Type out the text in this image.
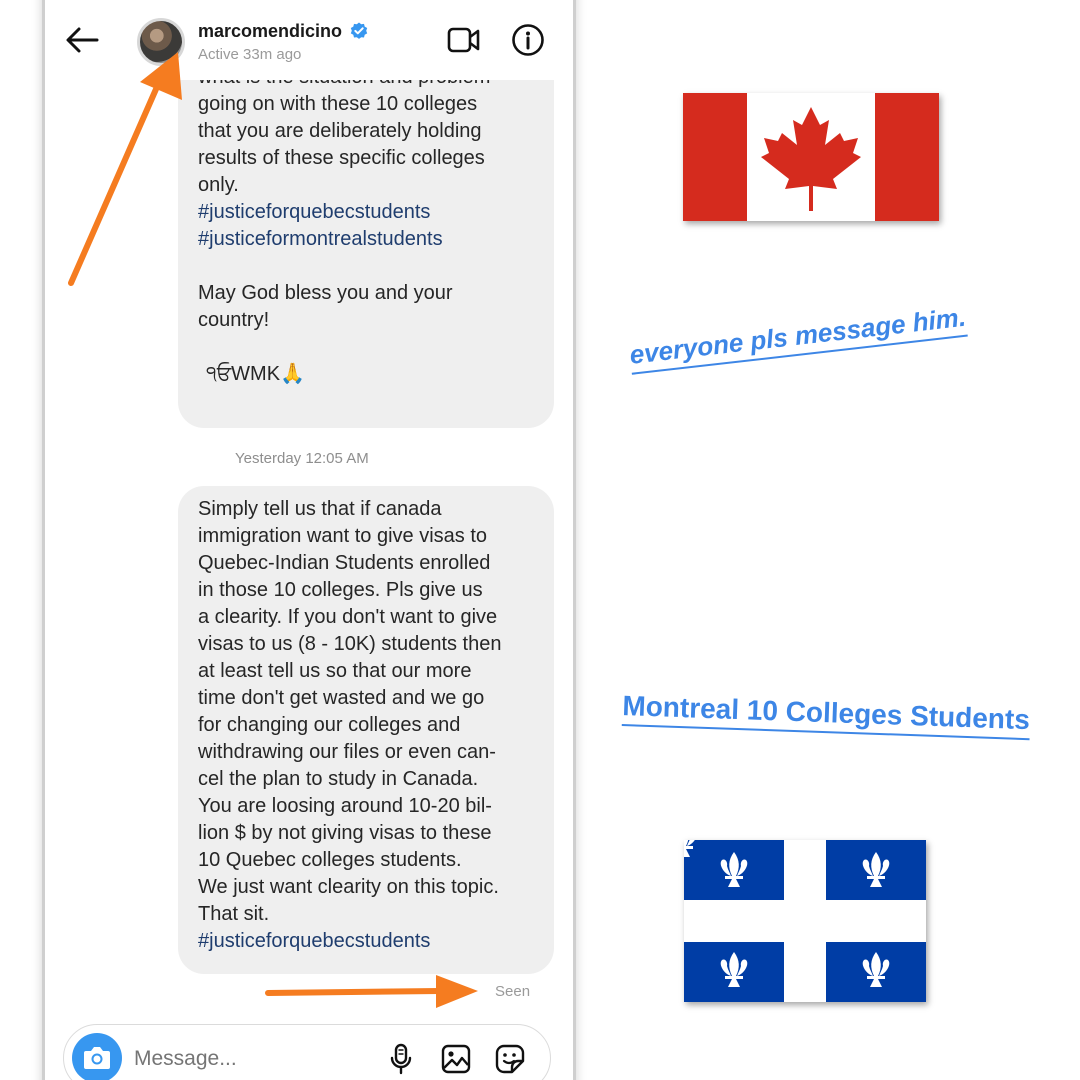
going on with these 10 colleges
that you are deliberately holding
results of these specific colleges
only.
#justiceforquebecstudents
#justiceformontrealstudents
May God bless you and your
country!
੧ਓWMK🙏
marcomendicino
Active 33m ago
Yesterday 12:05 AM
Simply tell us that if canada
immigration want to give visas to
Quebec-Indian Students enrolled
in those 10 colleges. Pls give us
a clearity. If you don't want to give
visas to us (8 - 10K) students then
at least tell us so that our more
time don't get wasted and we go
for changing our colleges and
withdrawing our files or even can-
cel the plan to study in Canada.
You are loosing around 10-20 bil-
lion $ by not giving visas to these
10 Quebec colleges students.
We just want clearity on this topic.
That sit.
#justiceforquebecstudents
Seen
Message...
everyone pls message him.
Montreal 10 Colleges Students
